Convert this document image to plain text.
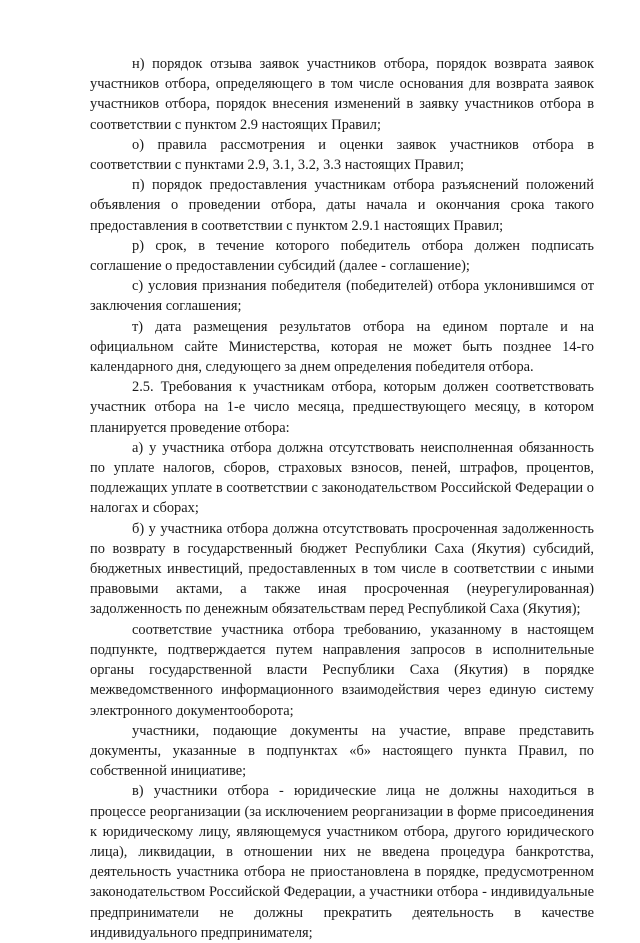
н) порядок отзыва заявок участников отбора, порядок возврата заявок участников отбора, определяющего в том числе основания для возврата заявок участников отбора, порядок внесения изменений в заявку участников отбора в соответствии с пунктом 2.9 настоящих Правил;

о) правила рассмотрения и оценки заявок участников отбора в соответствии с пунктами 2.9, 3.1, 3.2, 3.3 настоящих Правил;

п) порядок предоставления участникам отбора разъяснений положений объявления о проведении отбора, даты начала и окончания срока такого предоставления в соответствии с пунктом 2.9.1 настоящих Правил;

р) срок, в течение которого победитель отбора должен подписать соглашение о предоставлении субсидий (далее - соглашение);

с) условия признания победителя (победителей) отбора уклонившимся от заключения соглашения;

т) дата размещения результатов отбора на едином портале и на официальном сайте Министерства, которая не может быть позднее 14-го календарного дня, следующего за днем определения победителя отбора.

2.5. Требования к участникам отбора, которым должен соответствовать участник отбора на 1-е число месяца, предшествующего месяцу, в котором планируется проведение отбора:

а) у участника отбора должна отсутствовать неисполненная обязанность по уплате налогов, сборов, страховых взносов, пеней, штрафов, процентов, подлежащих уплате в соответствии с законодательством Российской Федерации о налогах и сборах;

б) у участника отбора должна отсутствовать просроченная задолженность по возврату в государственный бюджет Республики Саха (Якутия) субсидий, бюджетных инвестиций, предоставленных в том числе в соответствии с иными правовыми актами, а также иная просроченная (неурегулированная) задолженность по денежным обязательствам перед Республикой Саха (Якутия);

соответствие участника отбора требованию, указанному в настоящем подпункте, подтверждается путем направления запросов в исполнительные органы государственной власти Республики Саха (Якутия) в порядке межведомственного информационного взаимодействия через единую систему электронного документооборота;

участники, подающие документы на участие, вправе представить документы, указанные в подпунктах «б» настоящего пункта Правил, по собственной инициативе;

в) участники отбора - юридические лица не должны находиться в процессе реорганизации (за исключением реорганизации в форме присоединения к юридическому лицу, являющемуся участником отбора, другого юридического лица), ликвидации, в отношении них не введена процедура банкротства, деятельность участника отбора не приостановлена в порядке, предусмотренном законодательством Российской Федерации, а участники отбора - индивидуальные предприниматели не должны прекратить деятельность в качестве индивидуального предпринимателя;
